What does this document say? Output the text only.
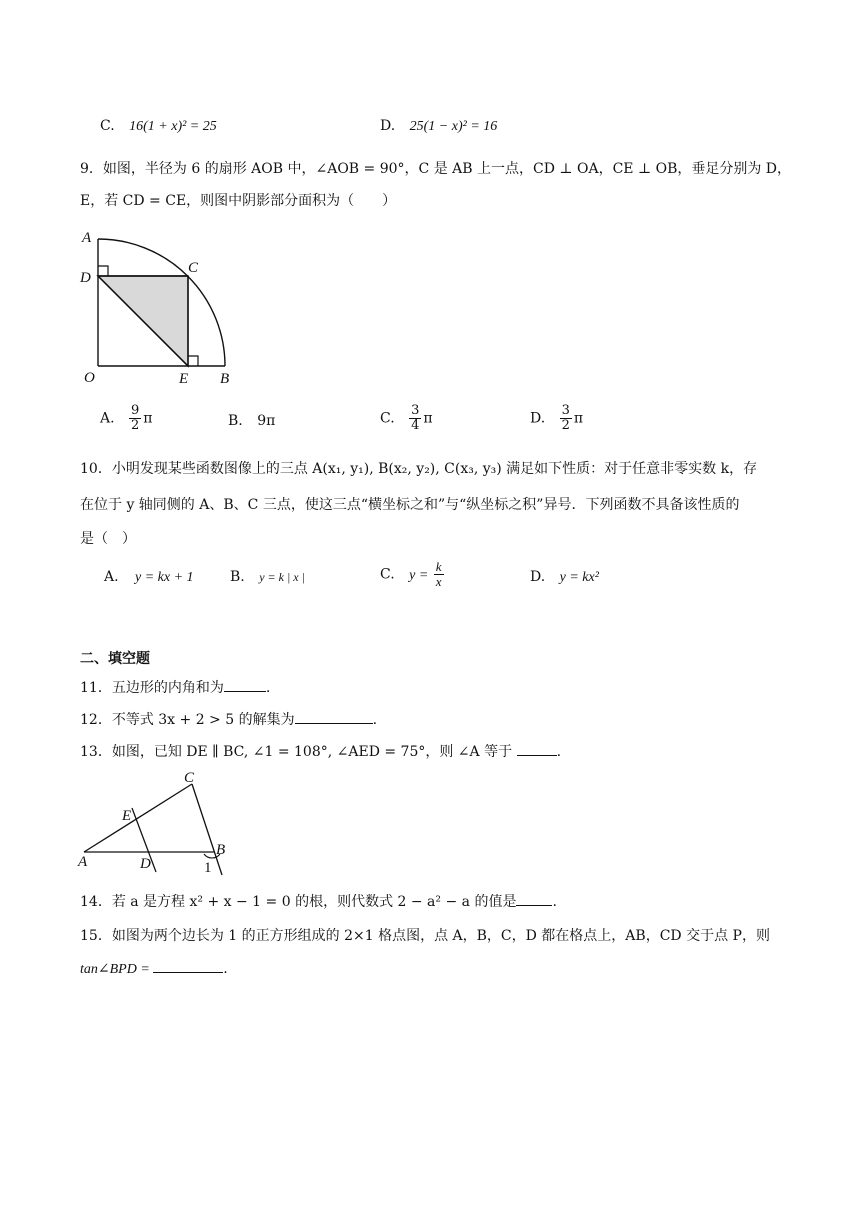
C. 16(1 + x)² = 25	D. 25(1 − x)² = 16
9．如图，半径为 6 的扇形 AOB 中，∠AOB = 90°，C 是 AB 上一点，CD ⊥ OA，CE ⊥ OB，垂足分别为 D，
E，若 CD = CE，则图中阴影部分面积为（　　）
A
D
C
O	E B
A. $\frac{9}{2}$ π	B. 9π	C. $\frac{3}{4}$ π	D. $\frac{3}{2}$ π
10．小明发现某些函数图像上的三点 A(x₁, y₁), B(x₂, y₂), C(x₃, y₃) 满足如下性质：对于任意非零实数 k，存
在位于 y 轴同侧的 A、B、C 三点，使这三点“横坐标之和”与“纵坐标之积”异号．下列函数不具备该性质的
是（　）
A. y = kx + 1	B. y = k | x |	C. $y = \frac{k}{x}$	D. y = kx²
二、填空题
11．五边形的内角和为	.
12．不等式 3x + 2 > 5 的解集为	.
13．如图，已知 DE ∥ BC, ∠1 = 108°, ∠AED = 75°，则 ∠A 等于	.
C
E
A	D
B
1
14．若 a 是方程 x² + x − 1 = 0 的根，则代数式 2 − a² − a 的值是	.
15．如图为两个边长为 1 的正方形组成的 2×1 格点图，点 A，B，C，D 都在格点上，AB，CD 交于点 P，则
tan∠BPD =	.
